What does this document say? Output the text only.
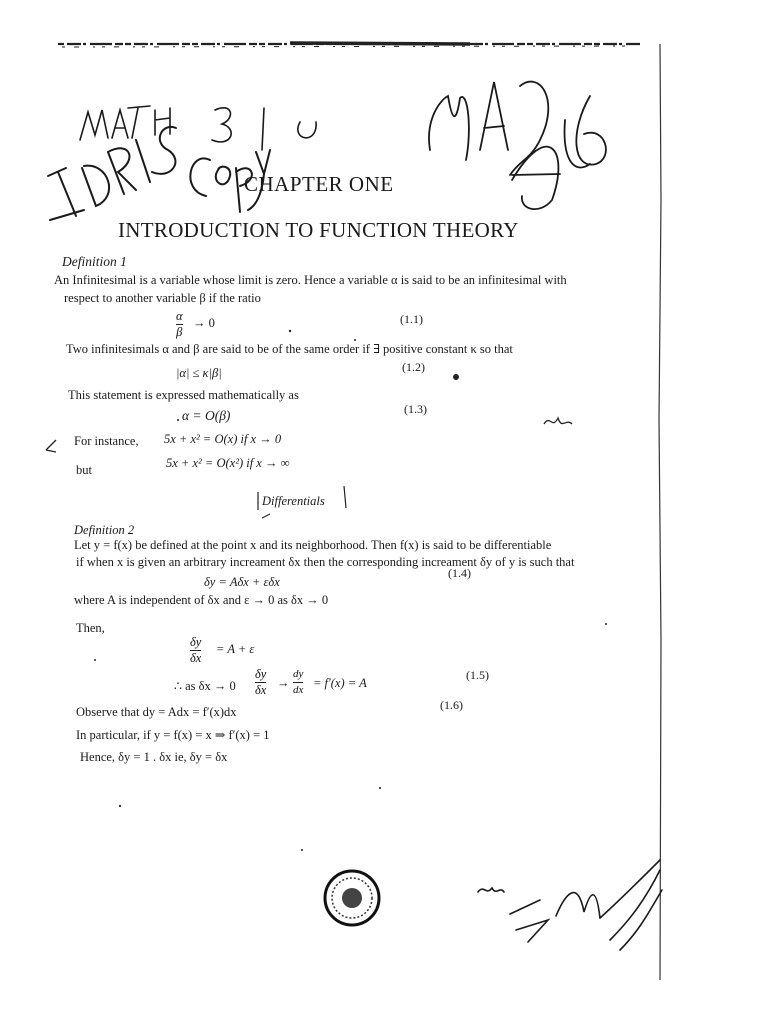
CHAPTER ONE
INTRODUCTION TO FUNCTION THEORY
Definition 1
An Infinitesimal is a variable whose limit is zero. Hence a variable α is said to be an infinitesimal with
respect to another variable β if the ratio
α
β
→ 0	(1.1)
Two infinitesimals α and β are said to be of the same order if ∃ positive constant κ so that
|α| ≤ κ|β|	(1.2)
This statement is expressed mathematically as
α = O(β)	(1.3)
For instance, 5x + x² = O(x) if x → 0
but	5x + x² = O(x²) if x → ∞
Differentials
Definition 2
Let y = f(x) be defined at the point x and its neighborhood. Then f(x) is said to be differentiable
if when x is given an arbitrary increament δx then the corresponding increament δy of y is such that
δy = Aδx + εδx
(1.4)
where A is independent of δx and ε → 0 as δx → 0
Then,
δy
δx
= A + ε
∴ as δx → 0
δy
δx →
dy
dx = f′(x) = A
(1.5)
Observe that dy = Adx = f′(x)dx	(1.6)
In particular, if y = f(x) = x ⇒ f′(x) = 1
Hence, δy = 1 . δx ie, δy = δx
